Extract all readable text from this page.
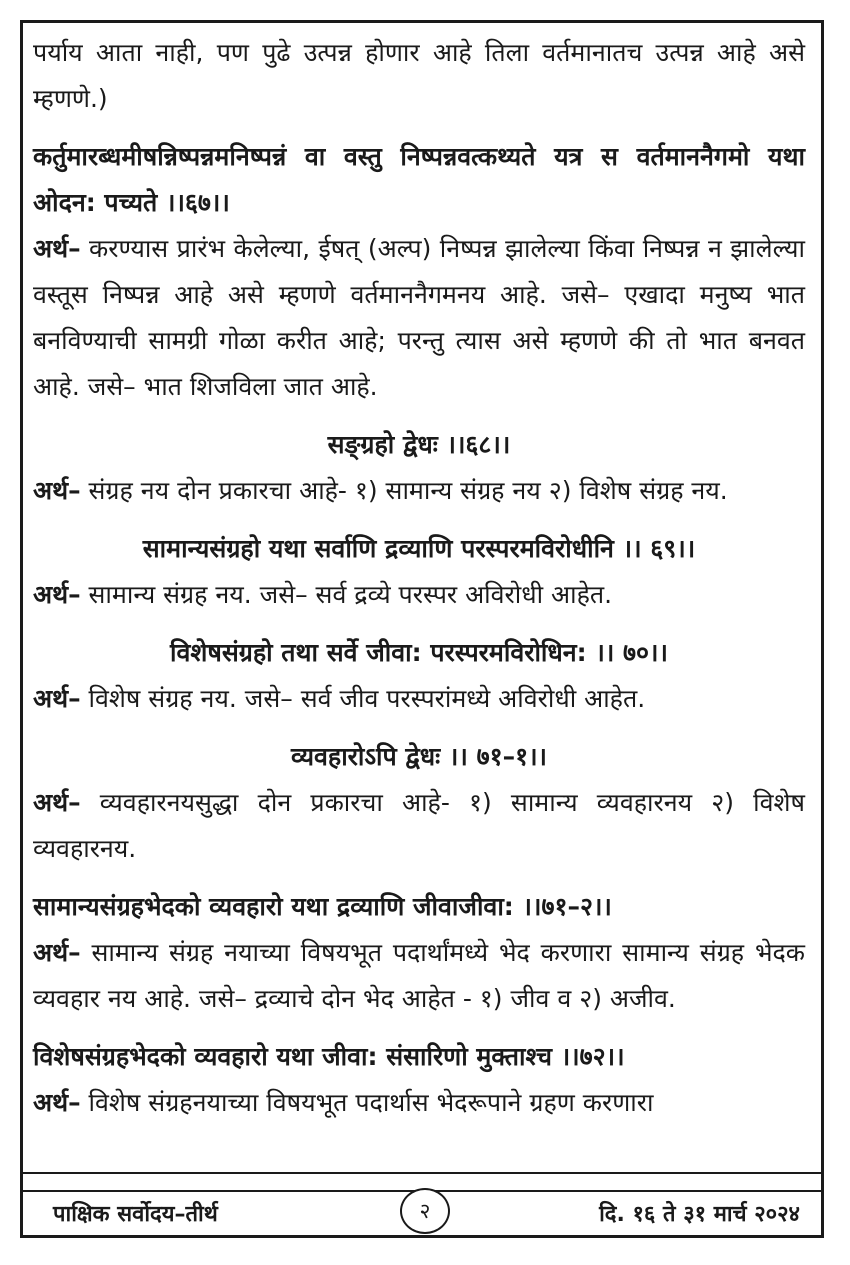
पर्याय आता नाही, पण पुढे उत्पन्न होणार आहे तिला वर्तमानातच उत्पन्न आहे असे म्हणणे.)

कर्तुमारब्धमीषन्निष्पन्नमनिष्पन्नं वा वस्तु निष्पन्नवत्कथ्यते यत्र स वर्तमाननैगमो यथा ओदन: पच्यते ।।६७।।

अर्थ– करण्यास प्रारंभ केलेल्या, ईषत् (अल्प) निष्पन्न झालेल्या किंवा निष्पन्न न झालेल्या वस्तूस निष्पन्न आहे असे म्हणणे वर्तमाननैगमनय आहे. जसे– एखादा मनुष्य भात बनविण्याची सामग्री गोळा करीत आहे; परन्तु त्यास असे म्हणणे की तो भात बनवत आहे. जसे– भात शिजविला जात आहे.

सङ्ग्रहो द्वेधः ।।६८।।

अर्थ– संग्रह नय दोन प्रकारचा आहे- १) सामान्य संग्रह नय २) विशेष संग्रह नय.

सामान्यसंग्रहो यथा सर्वाणि द्रव्याणि परस्परमविरोधीनि ।। ६९।।

अर्थ– सामान्य संग्रह नय. जसे– सर्व द्रव्ये परस्पर अविरोधी आहेत.

विशेषसंग्रहो तथा सर्वे जीवा: परस्परमविरोधिन: ।। ७०।।

अर्थ– विशेष संग्रह नय. जसे– सर्व जीव परस्परांमध्ये अविरोधी आहेत.

व्यवहारोऽपि द्वेधः ।। ७१–१।।

अर्थ– व्यवहारनयसुद्धा दोन प्रकारचा आहे- १) सामान्य व्यवहारनय २) विशेष व्यवहारनय.

सामान्यसंग्रहभेदको व्यवहारो यथा द्रव्याणि जीवाजीवा: ।।७१–२।।

अर्थ– सामान्य संग्रह नयाच्या विषयभूत पदार्थांमध्ये भेद करणारा सामान्य संग्रह भेदक व्यवहार नय आहे. जसे– द्रव्याचे दोन भेद आहेत - १) जीव व २) अजीव.

विशेषसंग्रहभेदको व्यवहारो यथा जीवा: संसारिणो मुक्ताश्च ।।७२।।

अर्थ– विशेष संग्रहनयाच्या विषयभूत पदार्थास भेदरूपाने ग्रहण करणारा

पाक्षिक सर्वोदय–तीर्थ	२	दि. १६ ते ३१ मार्च २०२४
